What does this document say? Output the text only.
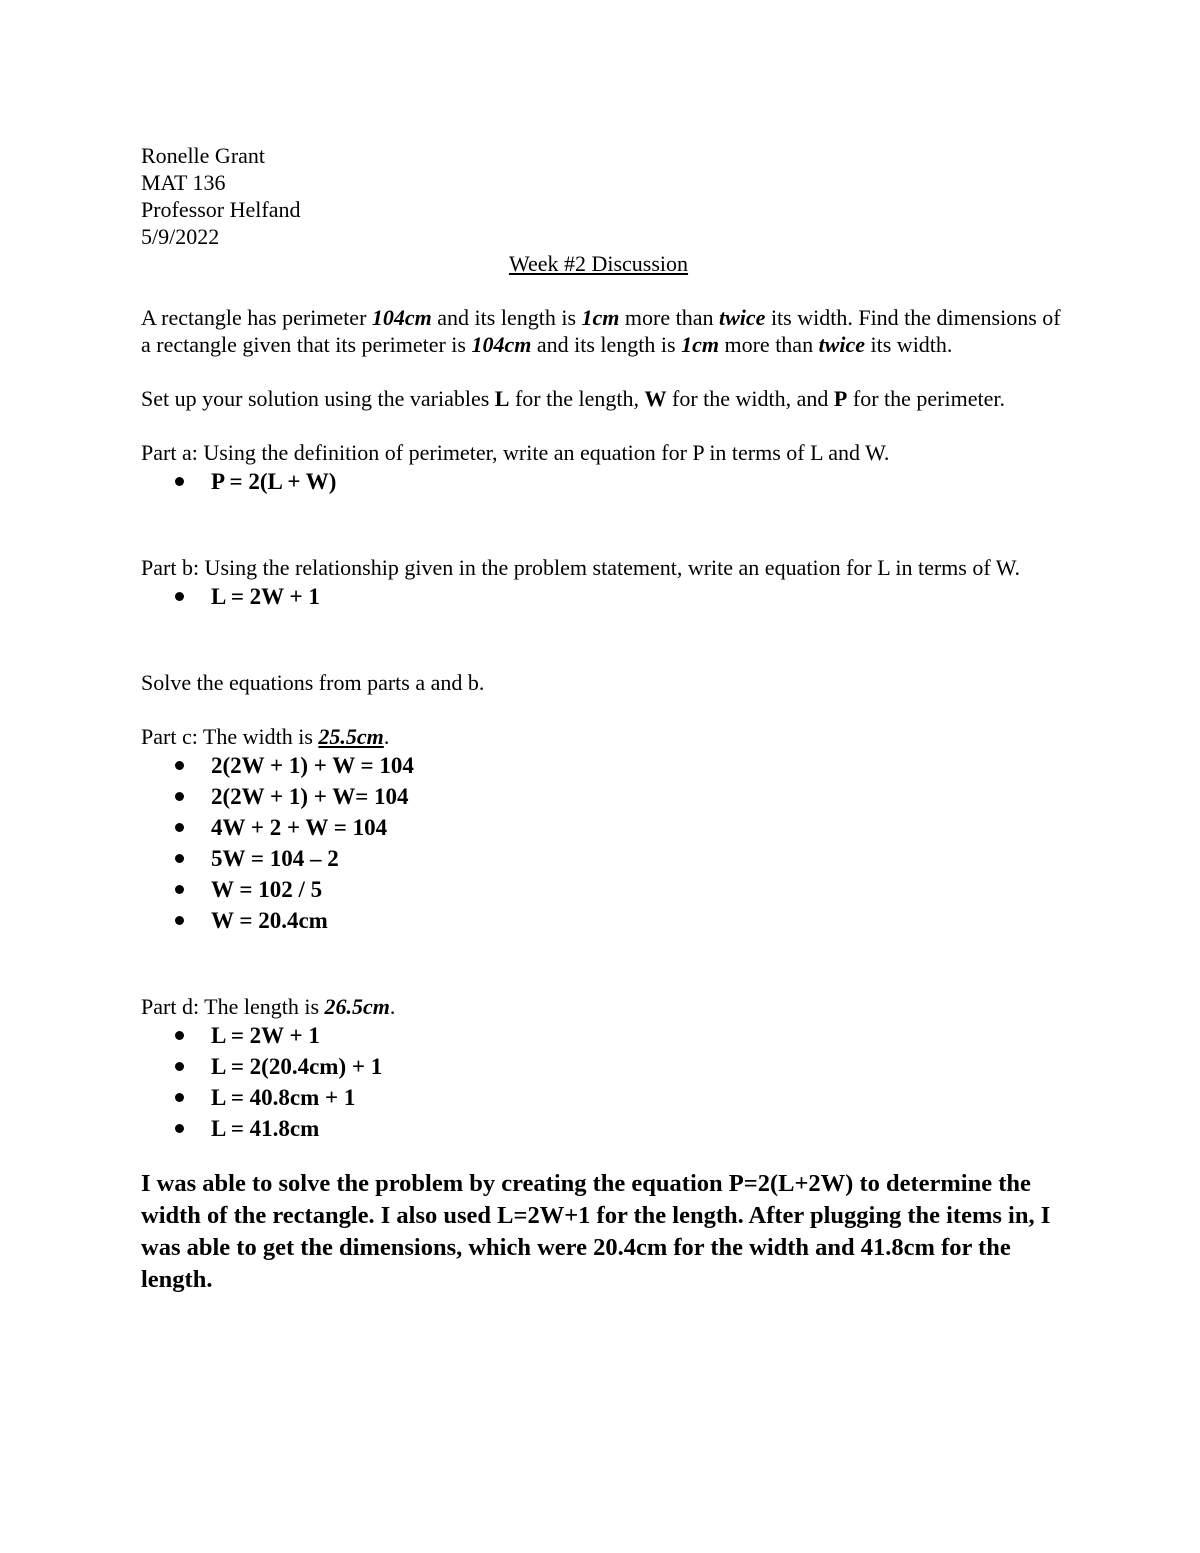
Ronelle Grant
MAT 136
Professor Helfand
5/9/2022
Week #2 Discussion
A rectangle has perimeter 104cm and its length is 1cm more than twice its width. Find the dimensions of a rectangle given that its perimeter is 104cm and its length is 1cm more than twice its width.
Set up your solution using the variables L for the length, W for the width, and P for the perimeter.
Part a: Using the definition of perimeter, write an equation for P in terms of L and W.
P = 2(L + W)
Part b: Using the relationship given in the problem statement, write an equation for L in terms of W.
L = 2W + 1
Solve the equations from parts a and b.
Part c: The width is 25.5cm.
2(2W + 1) + W = 104
2(2W + 1) + W= 104
4W + 2 + W = 104
5W = 104 – 2
W = 102 / 5
W = 20.4cm
Part d: The length is 26.5cm.
L = 2W + 1
L = 2(20.4cm) + 1
L = 40.8cm + 1
L = 41.8cm
I was able to solve the problem by creating the equation P=2(L+2W) to determine the width of the rectangle. I also used L=2W+1 for the length. After plugging the items in, I was able to get the dimensions, which were 20.4cm for the width and 41.8cm for the length.
